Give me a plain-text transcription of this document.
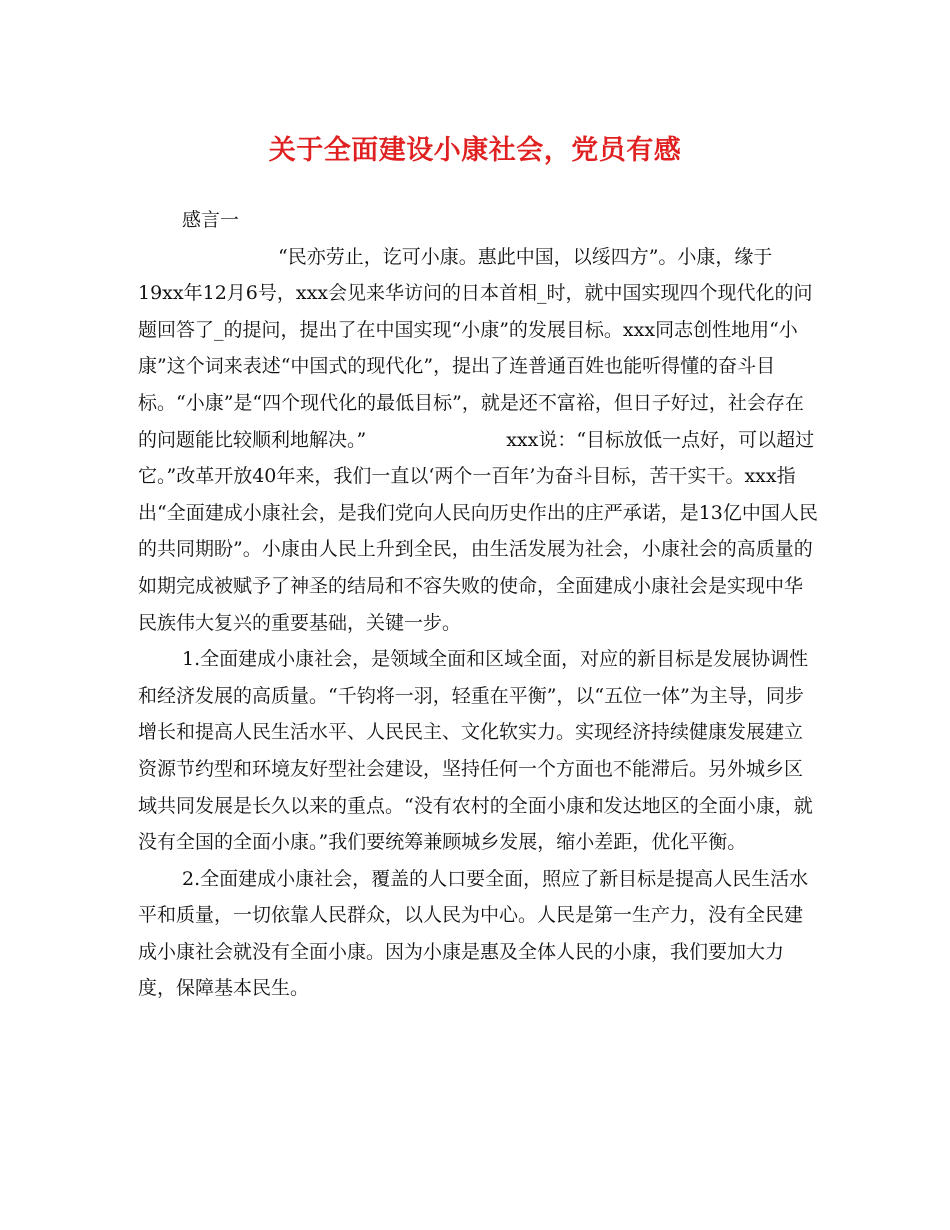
关于全面建设小康社会，党员有感

感言一

“民亦劳止，讫可小康。惠此中国，以绥四方”。小康，缘于19xx年12月6号，xxx会见来华访问的日本首相_时，就中国实现四个现代化的问题回答了_的提问，提出了在中国实现“小康”的发展目标。xxx同志创性地用“小康”这个词来表述“中国式的现代化”，提出了连普通百姓也能听得懂的奋斗目标。“小康”是“四个现代化的最低目标”，就是还不富裕，但日子好过，社会存在的问题能比较顺利地解决。”	xxx说：“目标放低一点好，可以超过它。”改革开放40年来，我们一直以‘两个一百年’为奋斗目标，苦干实干。xxx指出“全面建成小康社会，是我们党向人民向历史作出的庄严承诺，是13亿中国人民的共同期盼”。小康由人民上升到全民，由生活发展为社会，小康社会的高质量的如期完成被赋予了神圣的结局和不容失败的使命，全面建成小康社会是实现中华民族伟大复兴的重要基础，关键一步。

1.全面建成小康社会，是领域全面和区域全面，对应的新目标是发展协调性和经济发展的高质量。“千钧将一羽，轻重在平衡”，以“五位一体”为主导，同步增长和提高人民生活水平、人民民主、文化软实力。实现经济持续健康发展建立资源节约型和环境友好型社会建设，坚持任何一个方面也不能滞后。另外城乡区域共同发展是长久以来的重点。“没有农村的全面小康和发达地区的全面小康，就没有全国的全面小康。”我们要统筹兼顾城乡发展，缩小差距，优化平衡。

2.全面建成小康社会，覆盖的人口要全面，照应了新目标是提高人民生活水平和质量，一切依靠人民群众，以人民为中心。人民是第一生产力，没有全民建成小康社会就没有全面小康。因为小康是惠及全体人民的小康，我们要加大力度，保障基本民生。
